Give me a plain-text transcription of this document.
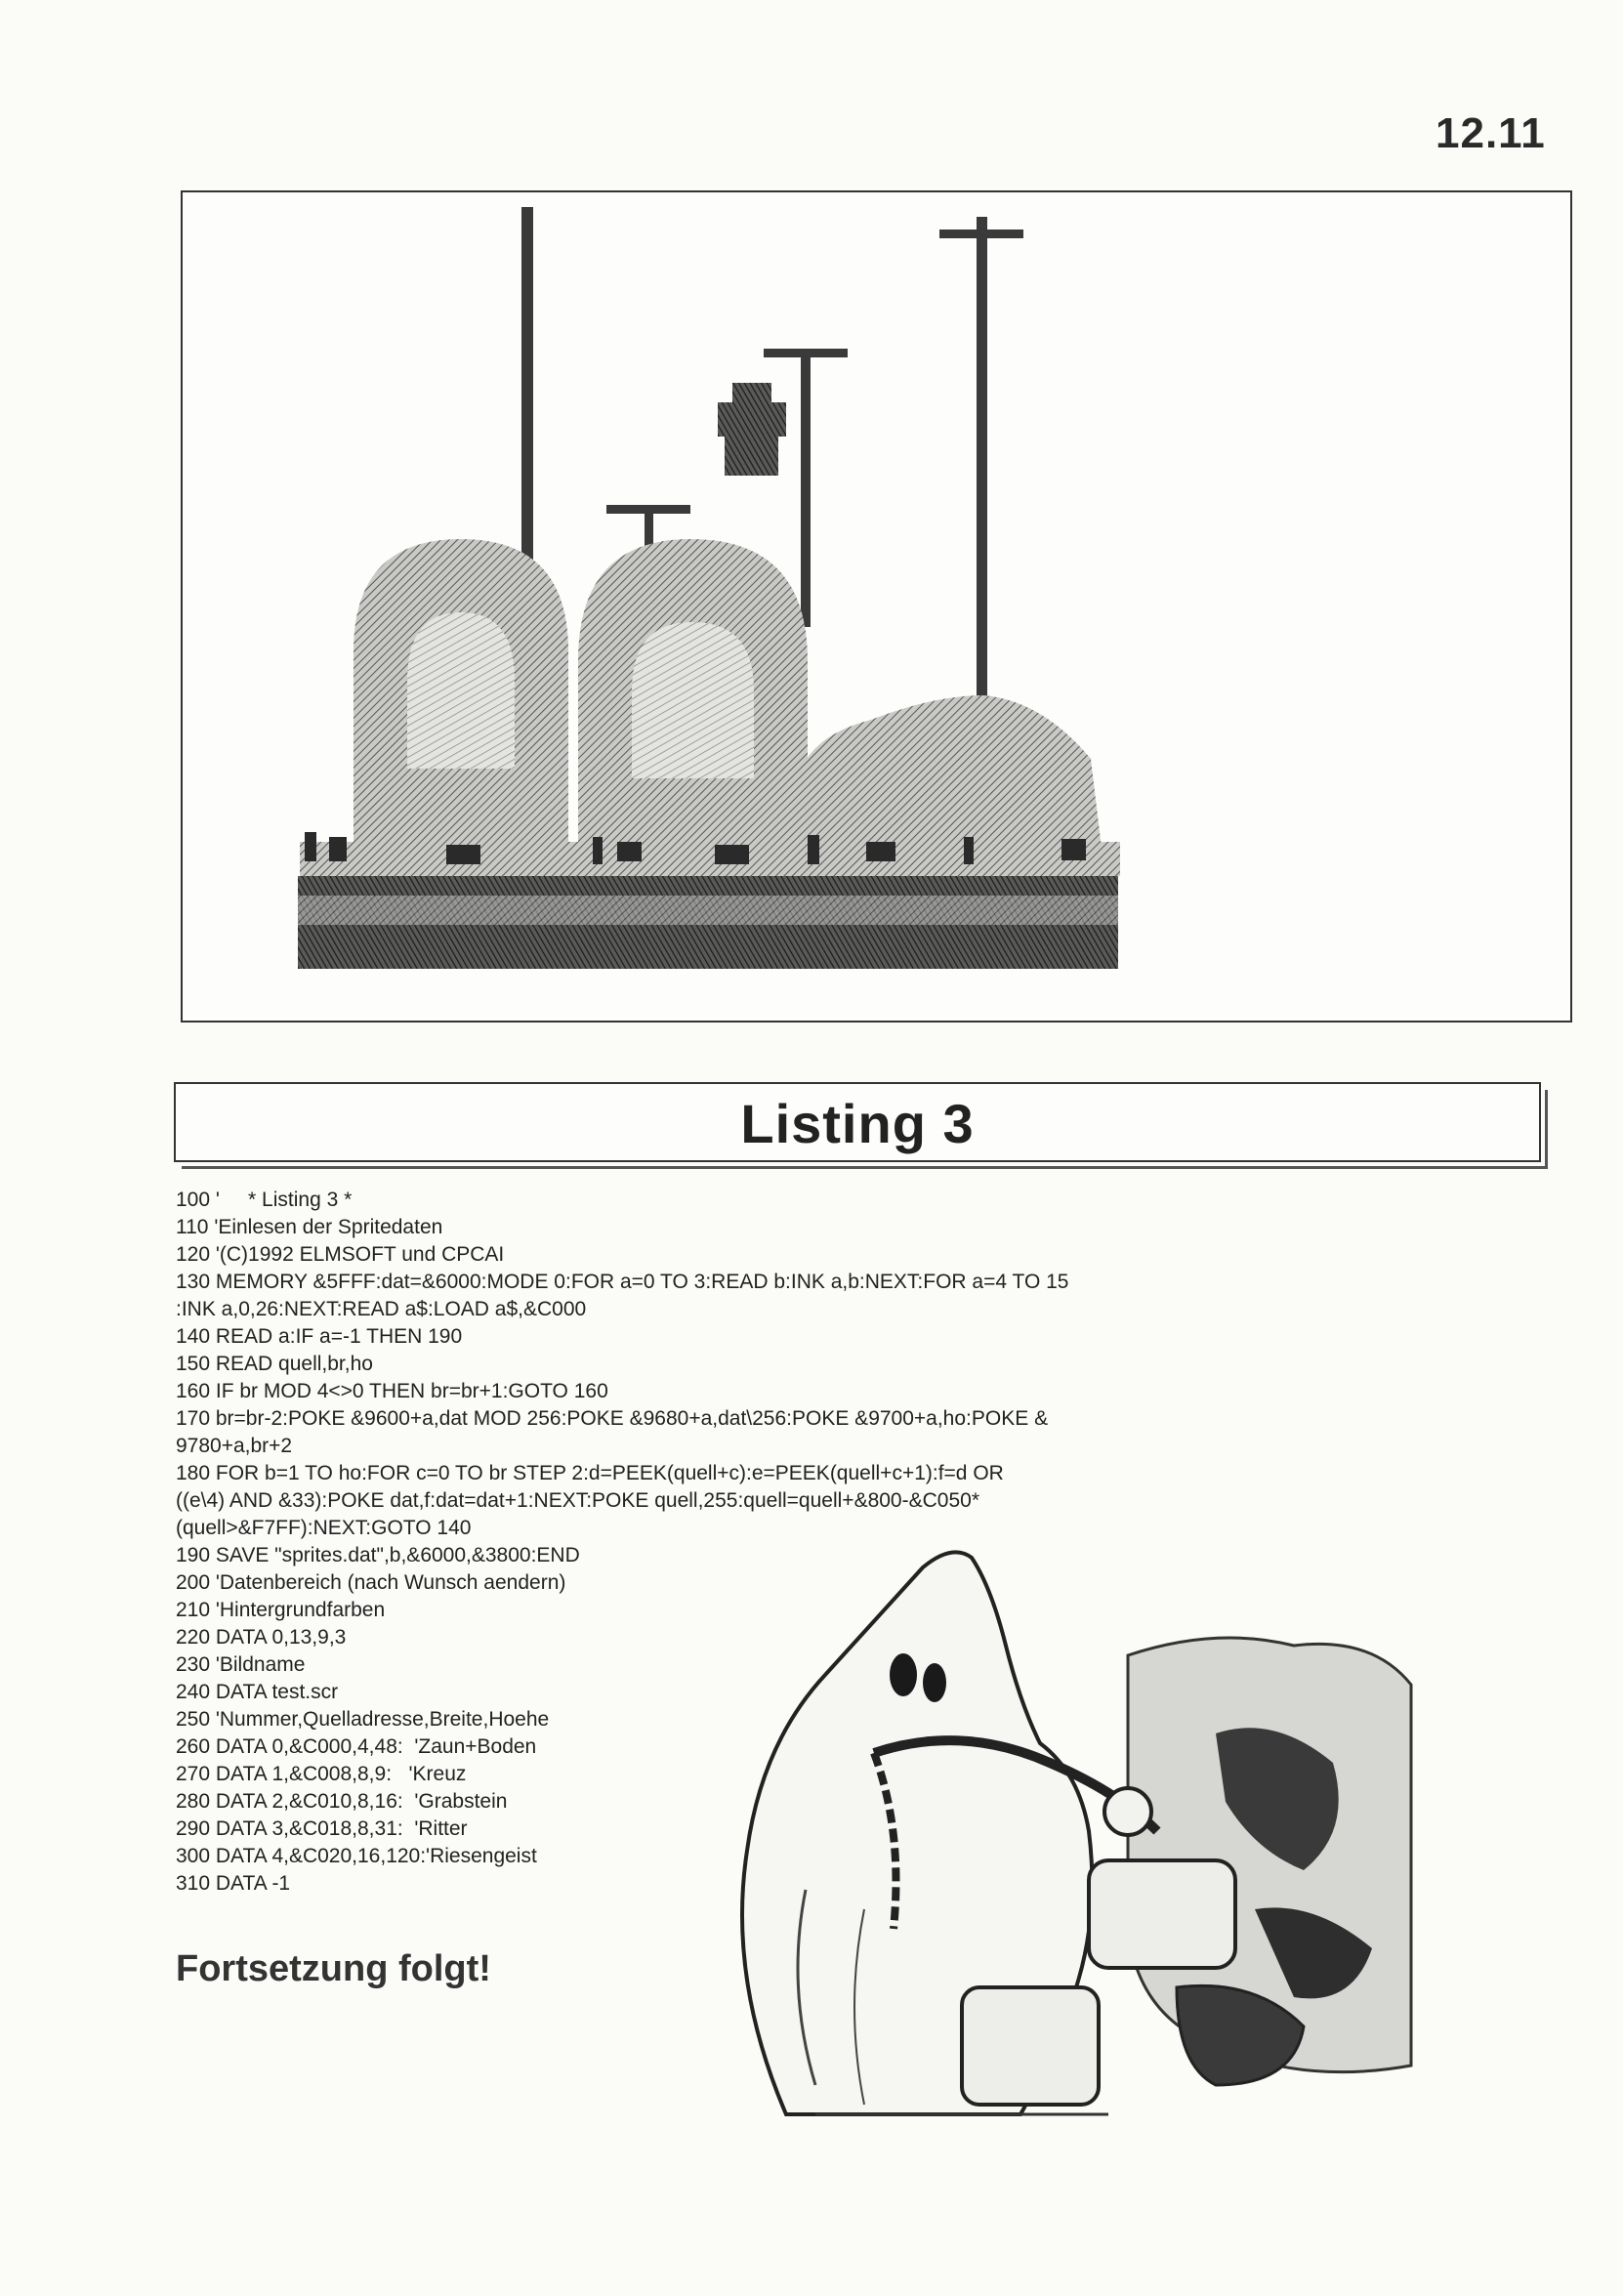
12.11
Listing 3
100 '     * Listing 3 *
110 'Einlesen der Spritedaten
120 '(C)1992 ELMSOFT und CPCAI
130 MEMORY &5FFF:dat=&6000:MODE 0:FOR a=0 TO 3:READ b:INK a,b:NEXT:FOR a=4 TO 15
:INK a,0,26:NEXT:READ a$:LOAD a$,&C000
140 READ a:IF a=-1 THEN 190
150 READ quell,br,ho
160 IF br MOD 4<>0 THEN br=br+1:GOTO 160
170 br=br-2:POKE &9600+a,dat MOD 256:POKE &9680+a,dat\256:POKE &9700+a,ho:POKE &
9780+a,br+2
180 FOR b=1 TO ho:FOR c=0 TO br STEP 2:d=PEEK(quell+c):e=PEEK(quell+c+1):f=d OR
((e\4) AND &33):POKE dat,f:dat=dat+1:NEXT:POKE quell,255:quell=quell+&800-&C050*
(quell>&F7FF):NEXT:GOTO 140
190 SAVE "sprites.dat",b,&6000,&3800:END
200 'Datenbereich (nach Wunsch aendern)
210 'Hintergrundfarben
220 DATA 0,13,9,3
230 'Bildname
240 DATA test.scr
250 'Nummer,Quelladresse,Breite,Hoehe
260 DATA 0,&C000,4,48:  'Zaun+Boden
270 DATA 1,&C008,8,9:   'Kreuz
280 DATA 2,&C010,8,16:  'Grabstein
290 DATA 3,&C018,8,31:  'Ritter
300 DATA 4,&C020,16,120:'Riesengeist
310 DATA -1
Fortsetzung folgt!
